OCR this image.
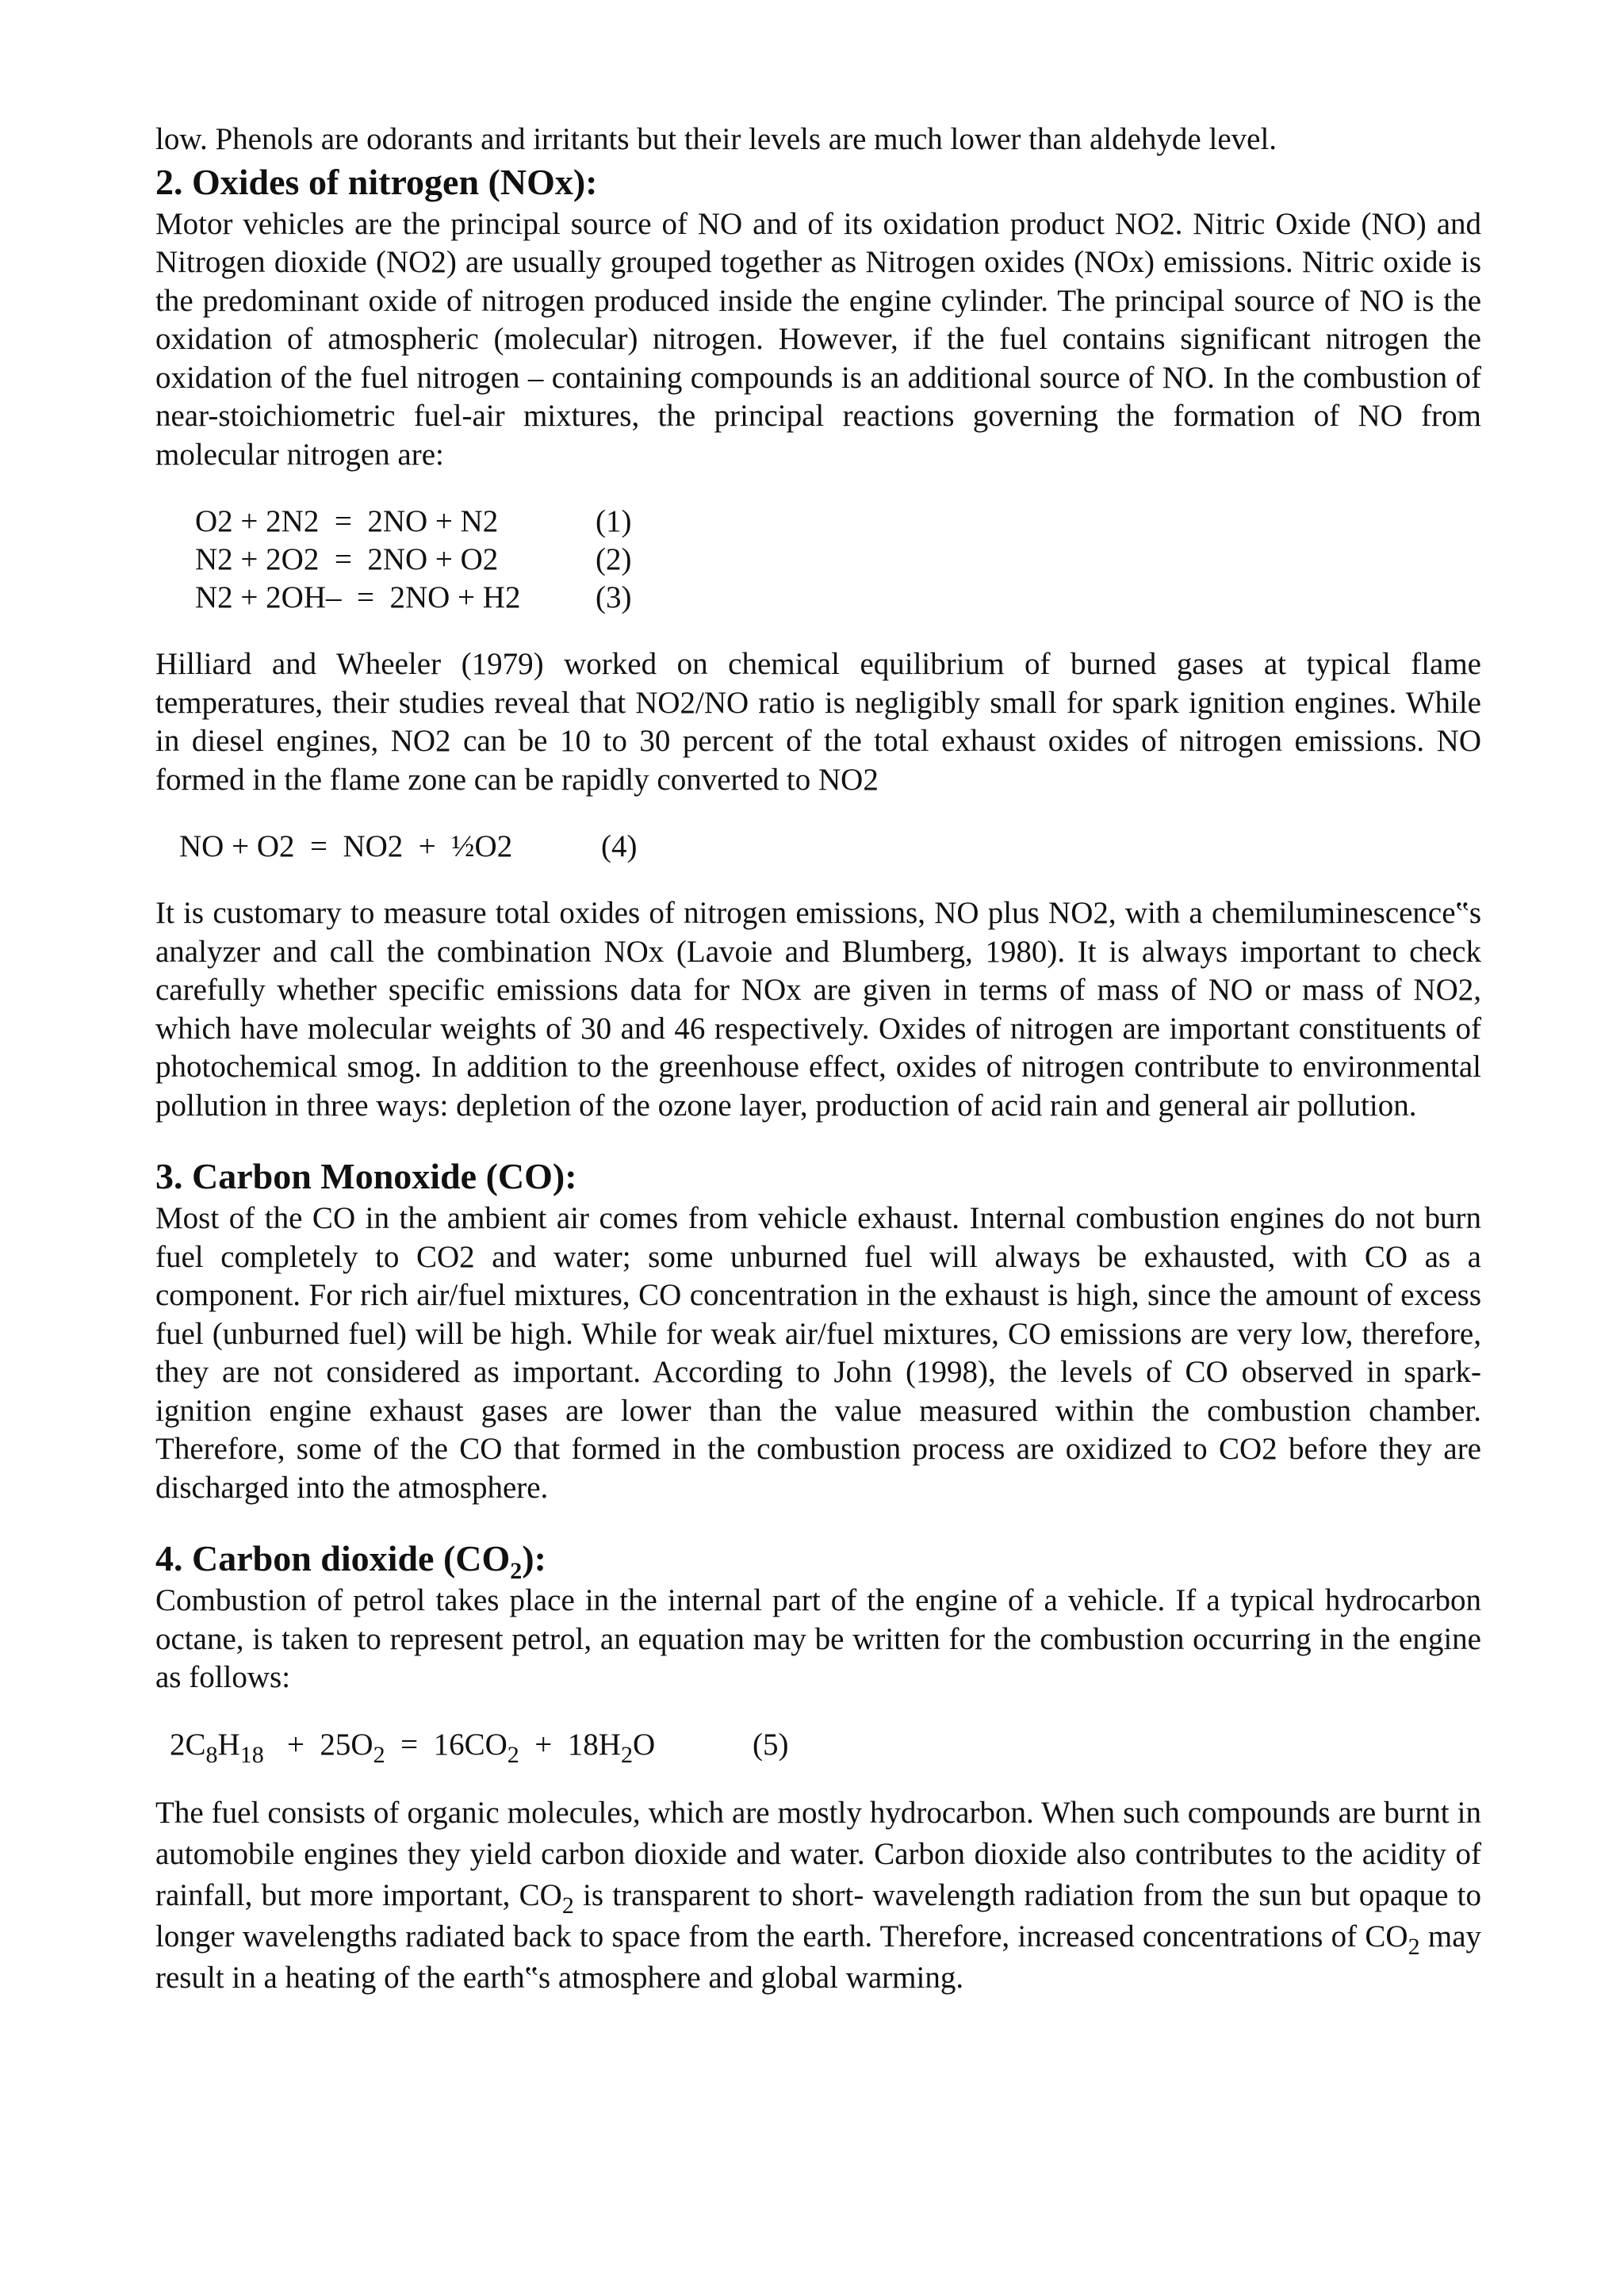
low. Phenols are odorants and irritants but their levels are much lower than aldehyde level.

2. Oxides of nitrogen (NOx):

Motor vehicles are the principal source of NO and of its oxidation product NO2. Nitric Oxide (NO) and Nitrogen dioxide (NO2) are usually grouped together as Nitrogen oxides (NOx) emissions. Nitric oxide is the predominant oxide of nitrogen produced inside the engine cylinder. The principal source of NO is the oxidation of atmospheric (molecular) nitrogen. However, if the fuel contains significant nitrogen the oxidation of the fuel nitrogen – containing compounds is an additional source of NO. In the combustion of near-stoichiometric fuel-air mixtures, the principal reactions governing the formation of NO from molecular nitrogen are:

O2 + 2N2  =  2NO + N2	(1)
N2 + 2O2  =  2NO + O2	(2)
N2 + 2OH–  =  2NO + H2	(3)

Hilliard and Wheeler (1979) worked on chemical equilibrium of burned gases at typical flame temperatures, their studies reveal that NO2/NO ratio is negligibly small for spark ignition engines. While in diesel engines, NO2 can be 10 to 30 percent of the total exhaust oxides of nitrogen emissions. NO formed in the flame zone can be rapidly converted to NO2

NO + O2  =  NO2  +  ½O2	(4)

It is customary to measure total oxides of nitrogen emissions, NO plus NO2, with a chemiluminescence‟s analyzer and call the combination NOx (Lavoie and Blumberg, 1980). It is always important to check carefully whether specific emissions data for NOx are given in terms of mass of NO or mass of NO2, which have molecular weights of 30 and 46 respectively. Oxides of nitrogen are important constituents of photochemical smog. In addition to the greenhouse effect, oxides of nitrogen contribute to environmental pollution in three ways: depletion of the ozone layer, production of acid rain and general air pollution.

3. Carbon Monoxide (CO):

Most of the CO in the ambient air comes from vehicle exhaust. Internal combustion engines do not burn fuel completely to CO2 and water; some unburned fuel will always be exhausted, with CO as a component. For rich air/fuel mixtures, CO concentration in the exhaust is high, since the amount of excess fuel (unburned fuel) will be high. While for weak air/fuel mixtures, CO emissions are very low, therefore, they are not considered as important. According to John (1998), the levels of CO observed in spark-ignition engine exhaust gases are lower than the value measured within the combustion chamber. Therefore, some of the CO that formed in the combustion process are oxidized to CO2 before they are discharged into the atmosphere.

4. Carbon dioxide $(CO_2)$:

Combustion of petrol takes place in the internal part of the engine of a vehicle. If a typical hydrocarbon octane, is taken to represent petrol, an equation may be written for the combustion occurring in the engine as follows:

$2C_8H_{18} + 25O_2 = 16CO_2 + 18H_2O$	(5)

The fuel consists of organic molecules, which are mostly hydrocarbon. When such compounds are burnt in automobile engines they yield carbon dioxide and water. Carbon dioxide also contributes to the acidity of rainfall, but more important, $CO_2$ is transparent to short- wavelength radiation from the sun but opaque to longer wavelengths radiated back to space from the earth. Therefore, increased concentrations of $CO_2$ may result in a heating of the earth‟s atmosphere and global warming.
